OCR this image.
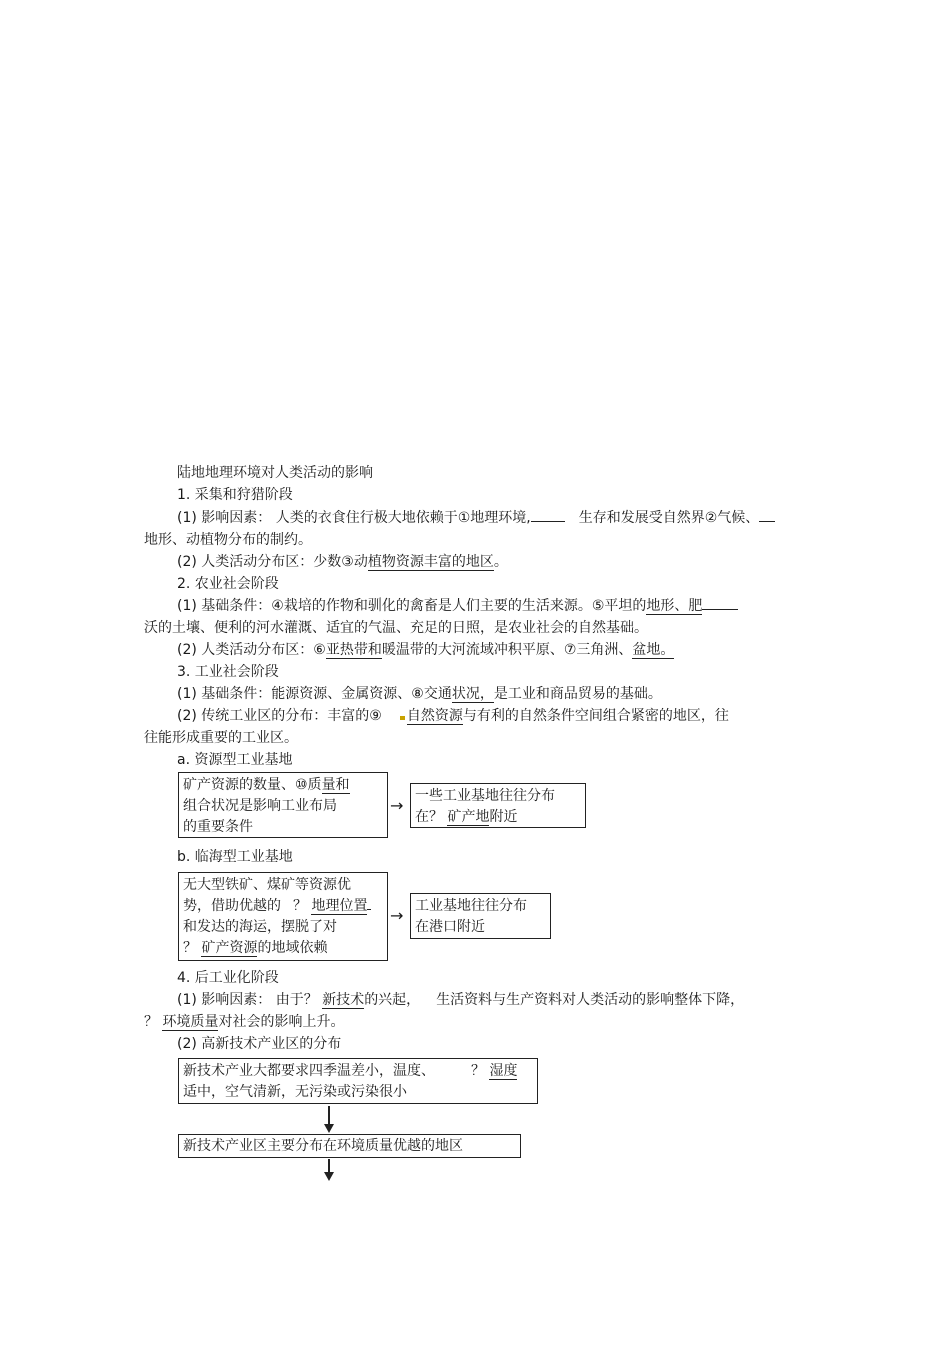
陆地地理环境对人类活动的影响
1. 采集和狩猎阶段
(1) 影响因素： 人类的衣食住行极大地依赖于①地理环境,	生存和发展受自然界②气候、
地形、动植物分布的制约。
(2) 人类活动分布区：少数③动植物资源丰富的地区。
2. 农业社会阶段
(1) 基础条件：④栽培的作物和驯化的禽畜是人们主要的生活来源。⑤平坦的地形、肥
沃的土壤、便利的河水灌溉、适宜的气温、充足的日照，是农业社会的自然基础。
(2) 人类活动分布区：⑥亚热带和暖温带的大河流域冲积平原、⑦三角洲、盆地。
3. 工业社会阶段
(1) 基础条件：能源资源、金属资源、⑧交通状况，是工业和商品贸易的基础。
(2) 传统工业区的分布：丰富的⑨ 自然资源与有利的自然条件空间组合紧密的地区，往
往能形成重要的工业区。
a. 资源型工业基地
矿产资源的数量、⑩质量和
组合状况是影响工业布局
的重要条件
→ 一些工业基地往往分布
在？ 矿产地附近
b. 临海型工业基地
无大型铁矿、煤矿等资源优
势，借助优越的 ？ 地理位置
和发达的海运，摆脱了对
？ 矿产资源的地域依赖
→ 工业基地往往分布
在港口附近
4. 后工业化阶段
(1) 影响因素： 由于？ 新技术的兴起， 生活资料与生产资料对人类活动的影响整体下降，
？ 环境质量对社会的影响上升。
(2) 高新技术产业区的分布
新技术产业大都要求四季温差小，温度、	？ 湿度
适中，空气清新，无污染或污染很小
新技术产业区主要分布在环境质量优越的地区
